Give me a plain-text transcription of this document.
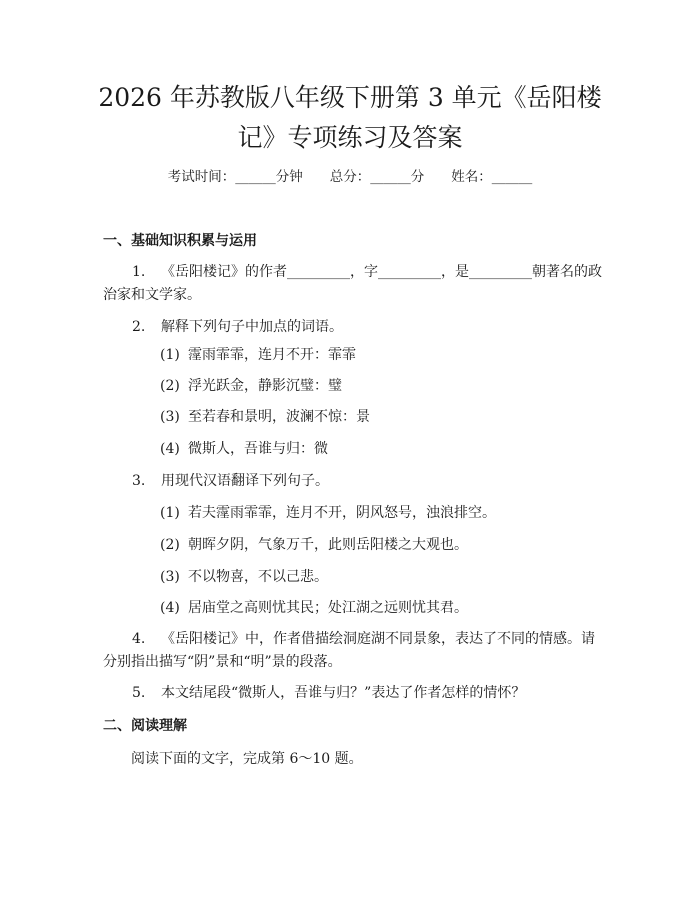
2026 年苏教版八年级下册第 3 单元《岳阳楼
记》专项练习及答案
考试时间：______分钟　　总分：______分　　姓名：______
一、基础知识积累与运用
1. 《岳阳楼记》的作者_________，字_________，是_________朝著名的政治家和文学家。
2. 解释下列句子中加点的词语。
(1) 霪雨霏霏，连月不开：霏霏
(2) 浮光跃金，静影沉璧：璧
(3) 至若春和景明，波澜不惊：景
(4) 微斯人，吾谁与归：微
3. 用现代汉语翻译下列句子。
(1) 若夫霪雨霏霏，连月不开，阴风怒号，浊浪排空。
(2) 朝晖夕阴，气象万千，此则岳阳楼之大观也。
(3) 不以物喜，不以己悲。
(4) 居庙堂之高则忧其民；处江湖之远则忧其君。
4. 《岳阳楼记》中，作者借描绘洞庭湖不同景象，表达了不同的情感。请分别指出描写“阴”景和“明”景的段落。
5. 本文结尾段“微斯人，吾谁与归？”表达了作者怎样的情怀？
二、阅读理解
阅读下面的文字，完成第 6～10 题。
